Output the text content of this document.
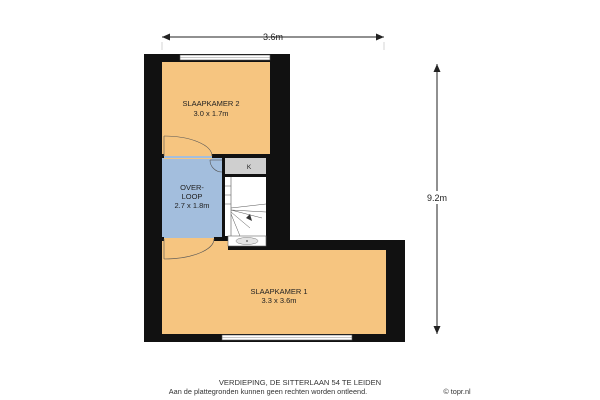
3.6m
9.2m
K
SLAAPKAMER 2
3.0 x 1.7m
OVER-
LOOP
2.7 x 1.8m
SLAAPKAMER 1
3.3 x 3.6m
VERDIEPING, DE SITTERLAAN 54 TE LEIDEN
Aan de plattegronden kunnen geen rechten worden ontleend.	© topr.nl
